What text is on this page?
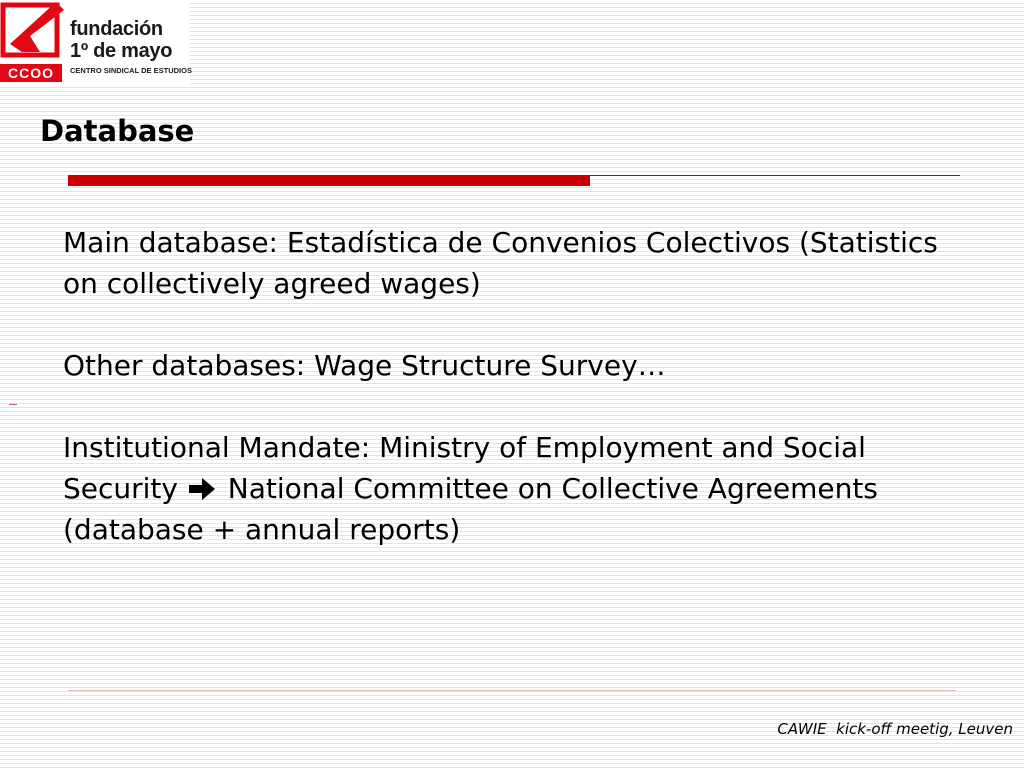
CCOO
fundación
1º de mayo
CENTRO SINDICAL DE ESTUDIOS
Database

Main database: Estadística de Convenios Colectivos (Statistics on collectively agreed wages)

Other databases: Wage Structure Survey…

Institutional Mandate: Ministry of Employment and Social Security National Committee on Collective Agreements (database + annual reports)

CAWIE  kick-off meetig, Leuven
